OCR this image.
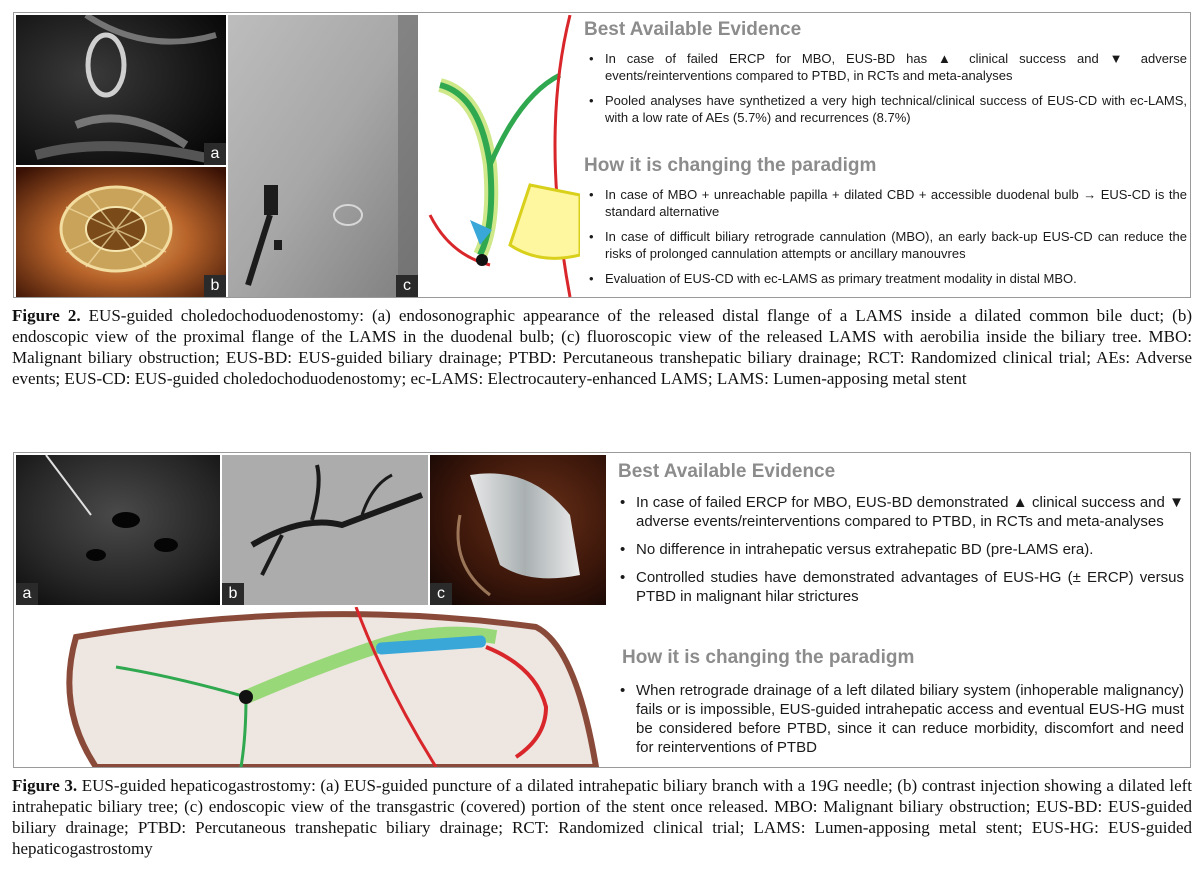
a
b	c
Best Available Evidence
• In case of failed ERCP for MBO, EUS-BD has ▲ clinical success and ▼ adverse events/reinterventions compared to PTBD, in RCTs and meta-analyses
• Pooled analyses have synthetized a very high technical/clinical success of EUS-CD with ec-LAMS, with a low rate of AEs (5.7%) and recurrences (8.7%)
How it is changing the paradigm
• In case of MBO + unreachable papilla + dilated CBD + accessible duodenal bulb → EUS-CD is the standard alternative
• In case of difficult biliary retrograde cannulation (MBO), an early back-up EUS-CD can reduce the risks of prolonged cannulation attempts or ancillary manouvres
• Evaluation of EUS-CD with ec-LAMS as primary treatment modality in distal MBO.

Figure 2. EUS-guided choledochoduodenostomy: (a) endosonographic appearance of the released distal flange of a LAMS inside a dilated common bile duct; (b) endoscopic view of the proximal flange of the LAMS in the duodenal bulb; (c) fluoroscopic view of the released LAMS with aerobilia inside the biliary tree. MBO: Malignant biliary obstruction; EUS-BD: EUS-guided biliary drainage; PTBD: Percutaneous transhepatic biliary drainage; RCT: Randomized clinical trial; AEs: Adverse events; EUS-CD: EUS-guided choledochoduodenostomy; ec-LAMS: Electrocautery-enhanced LAMS; LAMS: Lumen-apposing metal stent

a	b	c
Best Available Evidence
• In case of failed ERCP for MBO, EUS-BD demonstrated ▲ clinical success and ▼ adverse events/reinterventions compared to PTBD, in RCTs and meta-analyses
• No difference in intrahepatic versus extrahepatic BD (pre-LAMS era).
• Controlled studies have demonstrated advantages of EUS-HG (± ERCP) versus PTBD in malignant hilar strictures
How it is changing the paradigm
• When retrograde drainage of a left dilated biliary system (inhoperable malignancy) fails or is impossible, EUS-guided intrahepatic access and eventual EUS-HG must be considered before PTBD, since it can reduce morbidity, discomfort and need for reinterventions of PTBD

Figure 3. EUS-guided hepaticogastrostomy: (a) EUS-guided puncture of a dilated intrahepatic biliary branch with a 19G needle; (b) contrast injection showing a dilated left intrahepatic biliary tree; (c) endoscopic view of the transgastric (covered) portion of the stent once released. MBO: Malignant biliary obstruction; EUS-BD: EUS-guided biliary drainage; PTBD: Percutaneous transhepatic biliary drainage; RCT: Randomized clinical trial; LAMS: Lumen-apposing metal stent; EUS-HG: EUS-guided hepaticogastrostomy
